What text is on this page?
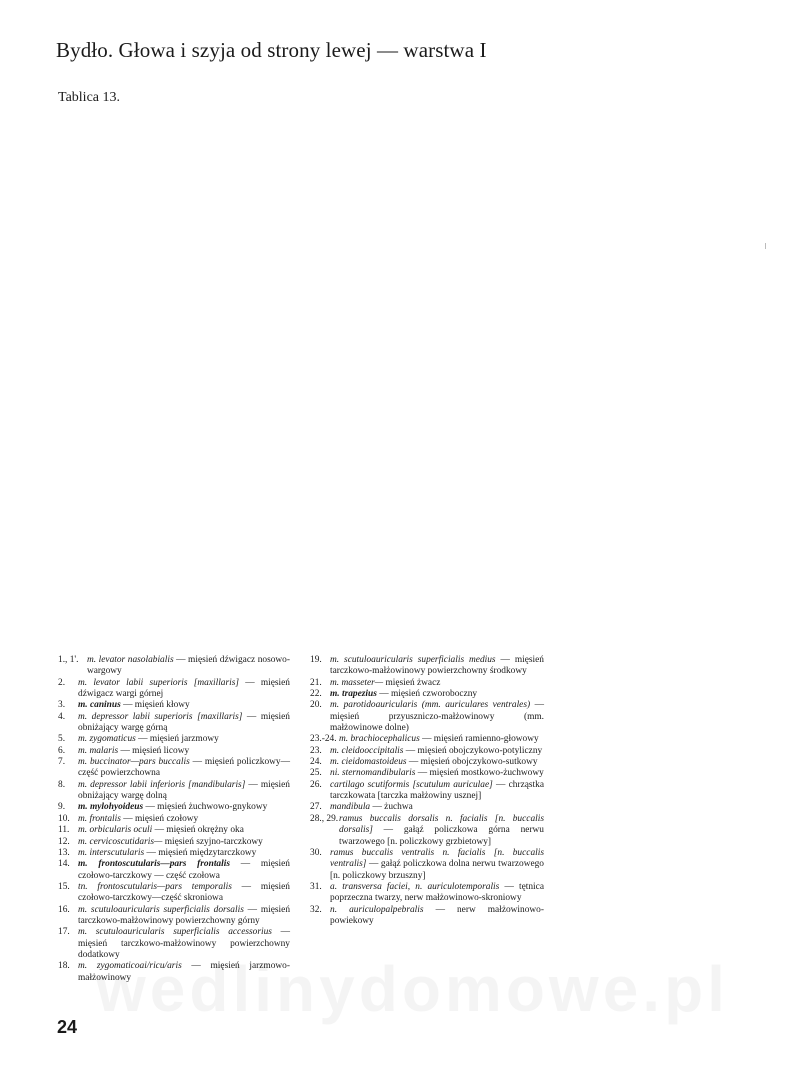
Bydło. Głowa i szyja od strony lewej — warstwa I
Tablica 13.
1., 1'. m. levator nasolabialis — mięsień dźwigacz nosowo-wargowy
2.	m. levator labii superioris [maxillaris] — mięsień dźwigacz wargi górnej
3.	m. caninus — mięsień kłowy
4.	m. depressor labii superioris [maxillaris] — mięsień obniżający wargę górną
5.	m. zygomaticus — mięsień jarzmowy
6.	m. malaris — mięsień licowy
7.	m. buccinator—pars buccalis — mięsień policzkowy—część powierzchowna
8.	m. depressor labii inferioris [mandibularis] — mięsień obniżający wargę dolną
9.	m. mylohyoideus — mięsień żuchwowo-gnykowy
10. m. frontalis — mięsień czołowy
11. m. orbicularis oculi — mięsień okrężny oka
12. m. cervicoscutidaris— mięsień szyjno-tarczkowy
13. m. interscutularis — mięsień międzytarczkowy
14. m. frontoscutularis—pars frontalis — mięsień czołowo-tarczkowy — część czołowa
15. tn. frontoscutularis—pars temporalis — mięsień czołowo-tarczkowy—część skroniowa
16. m. scutuloauricularis superficialis dorsalis — mięsień tarczkowo-małżowinowy powierzchowny górny
17. m. scutuloauricularis superficialis accessorius — mięsień tarczkowo-małżowinowy powierzchowny dodatkowy
18. m. zygomaticoai/ricu/aris — mięsień jarzmowo-małżowinowy
19. m. scutuloauricularis superficialis medius — mięsień tarczkowo-małżowinowy powierzchowny środkowy
21. m. masseter— mięsień żwacz
22. m. trapezius — mięsień czworoboczny
20. m. parotidoauricularis (mm. auriculares ventrales) — mięsień przyuszniczo-małżowinowy (mm. małżowinowe dolne)
23.-24. m. brachiocephalicus — mięsień ramienno-głowowy
23. m. cleidooccipitalis — mięsień obojczykowo-potyliczny
24. m. cieidomastoideus — mięsień obojczykowo-sutkowy
25. ni. sternomandibularis — mięsień mostkowo-żuchwowy
26. cartilago scutiformis [scutulum auriculae] — chrząstka tarczkowata [tarczka małżowiny usznej]
27. mandibula — żuchwa
28., 29. ramus buccalis dorsalis n. facialis [n. buccalis dorsalis] — gałąź policzkowa górna nerwu twarzowego [n. policzkowy grzbietowy]
30. ramus buccalis ventralis n. facialis [n. buccalis ventralis] — gałąź policzkowa dolna nerwu twarzowego [n. policzkowy brzuszny]
31. a. transversa faciei, n. auriculotemporalis — tętnica poprzeczna twarzy, nerw małżowinowo-skroniowy
32. n. auriculopalpebralis — nerw małżowinowo-powiekowy
24
